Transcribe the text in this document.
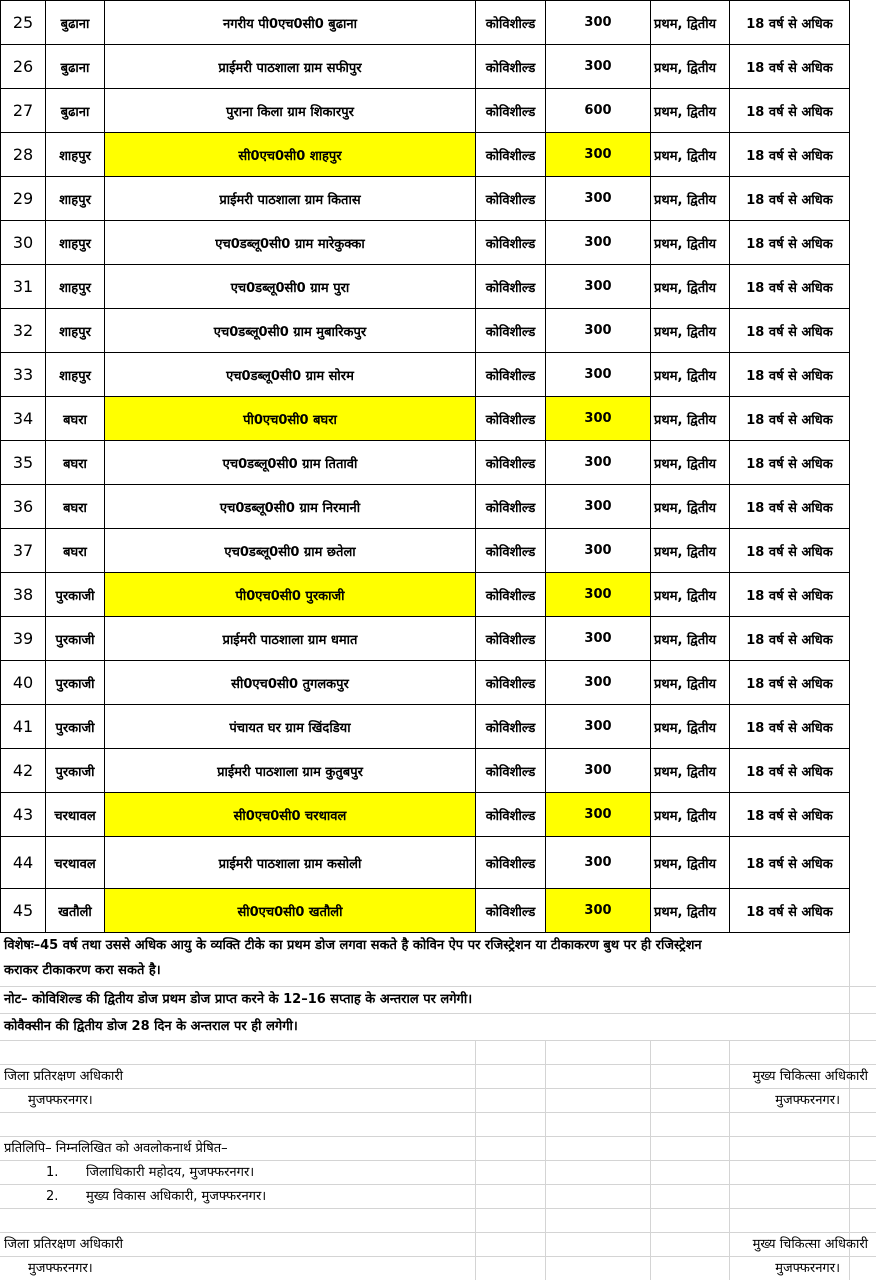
25	बुढाना	नगरीय पी0एच0सी0 बुढाना	कोविशील्ड	300	प्रथम, द्वितीय	18 वर्ष से अधिक
26	बुढाना	प्राईमरी पाठशाला ग्राम सफीपुर	कोविशील्ड	300	प्रथम, द्वितीय	18 वर्ष से अधिक
27	बुढाना	पुराना किला ग्राम शिकारपुर	कोविशील्ड	600	प्रथम, द्वितीय	18 वर्ष से अधिक
28	शाहपुर	सी0एच0सी0 शाहपुर	कोविशील्ड	300	प्रथम, द्वितीय	18 वर्ष से अधिक
29	शाहपुर	प्राईमरी पाठशाला ग्राम कितास	कोविशील्ड	300	प्रथम, द्वितीय	18 वर्ष से अधिक
30	शाहपुर	एच0डब्लू0सी0 ग्राम मारेकुक्का	कोविशील्ड	300	प्रथम, द्वितीय	18 वर्ष से अधिक
31	शाहपुर	एच0डब्लू0सी0 ग्राम पुरा	कोविशील्ड	300	प्रथम, द्वितीय	18 वर्ष से अधिक
32	शाहपुर	एच0डब्लू0सी0 ग्राम मुबारिकपुर	कोविशील्ड	300	प्रथम, द्वितीय	18 वर्ष से अधिक
33	शाहपुर	एच0डब्लू0सी0 ग्राम सोरम	कोविशील्ड	300	प्रथम, द्वितीय	18 वर्ष से अधिक
34	बघरा	पी0एच0सी0 बघरा	कोविशील्ड	300	प्रथम, द्वितीय	18 वर्ष से अधिक
35	बघरा	एच0डब्लू0सी0 ग्राम तितावी	कोविशील्ड	300	प्रथम, द्वितीय	18 वर्ष से अधिक
36	बघरा	एच0डब्लू0सी0 ग्राम निरमानी	कोविशील्ड	300	प्रथम, द्वितीय	18 वर्ष से अधिक
37	बघरा	एच0डब्लू0सी0 ग्राम छतेला	कोविशील्ड	300	प्रथम, द्वितीय	18 वर्ष से अधिक
38	पुरकाजी	पी0एच0सी0 पुरकाजी	कोविशील्ड	300	प्रथम, द्वितीय	18 वर्ष से अधिक
39	पुरकाजी	प्राईमरी पाठशाला ग्राम धमात	कोविशील्ड	300	प्रथम, द्वितीय	18 वर्ष से अधिक
40	पुरकाजी	सी0एच0सी0 तुगलकपुर	कोविशील्ड	300	प्रथम, द्वितीय	18 वर्ष से अधिक
41	पुरकाजी	पंचायत घर ग्राम खिंदडिया	कोविशील्ड	300	प्रथम, द्वितीय	18 वर्ष से अधिक
42	पुरकाजी	प्राईमरी पाठशाला ग्राम कुतुबपुर	कोविशील्ड	300	प्रथम, द्वितीय	18 वर्ष से अधिक
43	चरथावल	सी0एच0सी0 चरथावल	कोविशील्ड	300	प्रथम, द्वितीय	18 वर्ष से अधिक
44	चरथावल	प्राईमरी पाठशाला ग्राम कसोली	कोविशील्ड	300	प्रथम, द्वितीय	18 वर्ष से अधिक
45	खतौली	सी0एच0सी0 खतौली	कोविशील्ड	300	प्रथम, द्वितीय	18 वर्ष से अधिक
विशेषः–45 वर्ष तथा उससे अधिक आयु के व्यक्ति टीके का प्रथम डोज लगवा सकते है कोविन ऐप पर रजिस्ट्रेशन या टीकाकरण बुथ पर ही रजिस्ट्रेशन
कराकर टीकाकरण करा सकते है।
नोट– कोविशिल्ड की द्वितीय डोज प्रथम डोज प्राप्त करने के 12–16 सप्ताह के अन्तराल पर लगेगी।
कोवैक्सीन की द्वितीय डोज 28 दिन के अन्तराल पर ही लगेगी।
जिला प्रतिरक्षण अधिकारी
मुजफ्फरनगर।
मुख्य चिकित्सा अधिकारी
मुजफ्फरनगर।
प्रतिलिपि– निम्नलिखित को अवलोकनार्थ प्रेषित–
1. जिलाधिकारी महोदय, मुजफ्फरनगर।
2. मुख्य विकास अधिकारी, मुजफ्फरनगर।
जिला प्रतिरक्षण अधिकारी
मुजफ्फरनगर।
मुख्य चिकित्सा अधिकारी
मुजफ्फरनगर।
